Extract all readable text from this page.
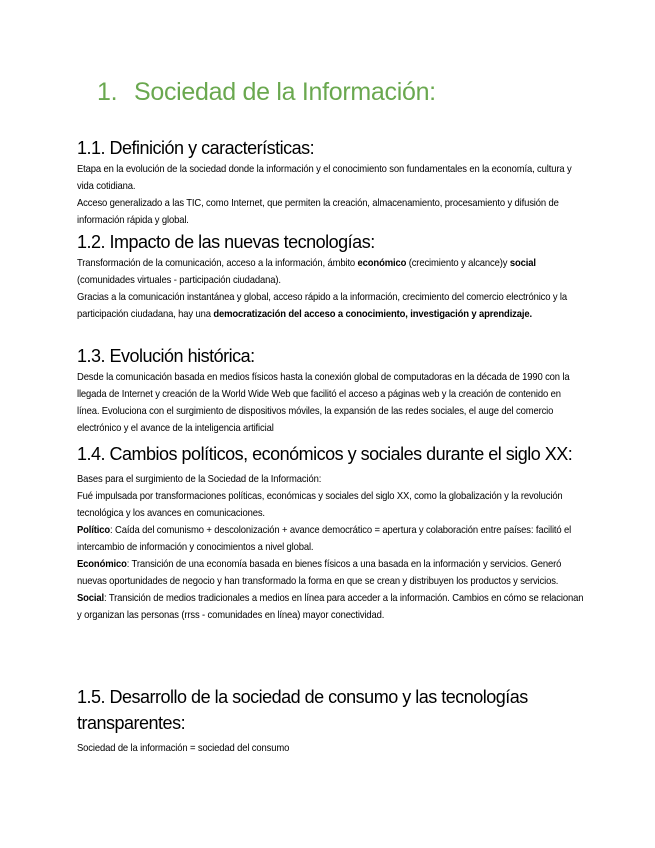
1. Sociedad de la Información:
1.1. Definición y características:

Etapa en la evolución de la sociedad donde la información y el conocimiento son fundamentales en la economía, cultura y vida cotidiana.

Acceso generalizado a las TIC, como Internet, que permiten la creación, almacenamiento, procesamiento y difusión de información rápida y global.

1.2. Impacto de las nuevas tecnologías:

Transformación de la comunicación, acceso a la información, ámbito económico (crecimiento y alcance)y social (comunidades virtuales - participación ciudadana).

Gracias a la comunicación instantánea y global, acceso rápido a la información, crecimiento del comercio electrónico y la participación ciudadana, hay una democratización del acceso a conocimiento, investigación y aprendizaje.

1.3. Evolución histórica:

Desde la comunicación basada en medios físicos hasta la conexión global de computadoras en la década de 1990 con la llegada de Internet y creación de la World Wide Web que facilitó el acceso a páginas web y la creación de contenido en línea. Evoluciona con el surgimiento de dispositivos móviles, la expansión de las redes sociales, el auge del comercio electrónico y el avance de la inteligencia artificial

1.4. Cambios políticos, económicos y sociales durante el siglo XX:

Bases para el surgimiento de la Sociedad de la Información:

Fué impulsada por transformaciones políticas, económicas y sociales del siglo XX, como la globalización y la revolución tecnológica y los avances en comunicaciones.

Político: Caída del comunismo + descolonización + avance democrático = apertura y colaboración entre países: facilitó el intercambio de información y conocimientos a nivel global.

Económico: Transición de una economía basada en bienes físicos a una basada en la información y servicios. Generó nuevas oportunidades de negocio y han transformado la forma en que se crean y distribuyen los productos y servicios.

Social: Transición de medios tradicionales a medios en línea para acceder a la información. Cambios en cómo se relacionan y organizan las personas (rrss - comunidades en línea) mayor conectividad.

1.5. Desarrollo de la sociedad de consumo y las tecnologías transparentes:

Sociedad de la información = sociedad del consumo
